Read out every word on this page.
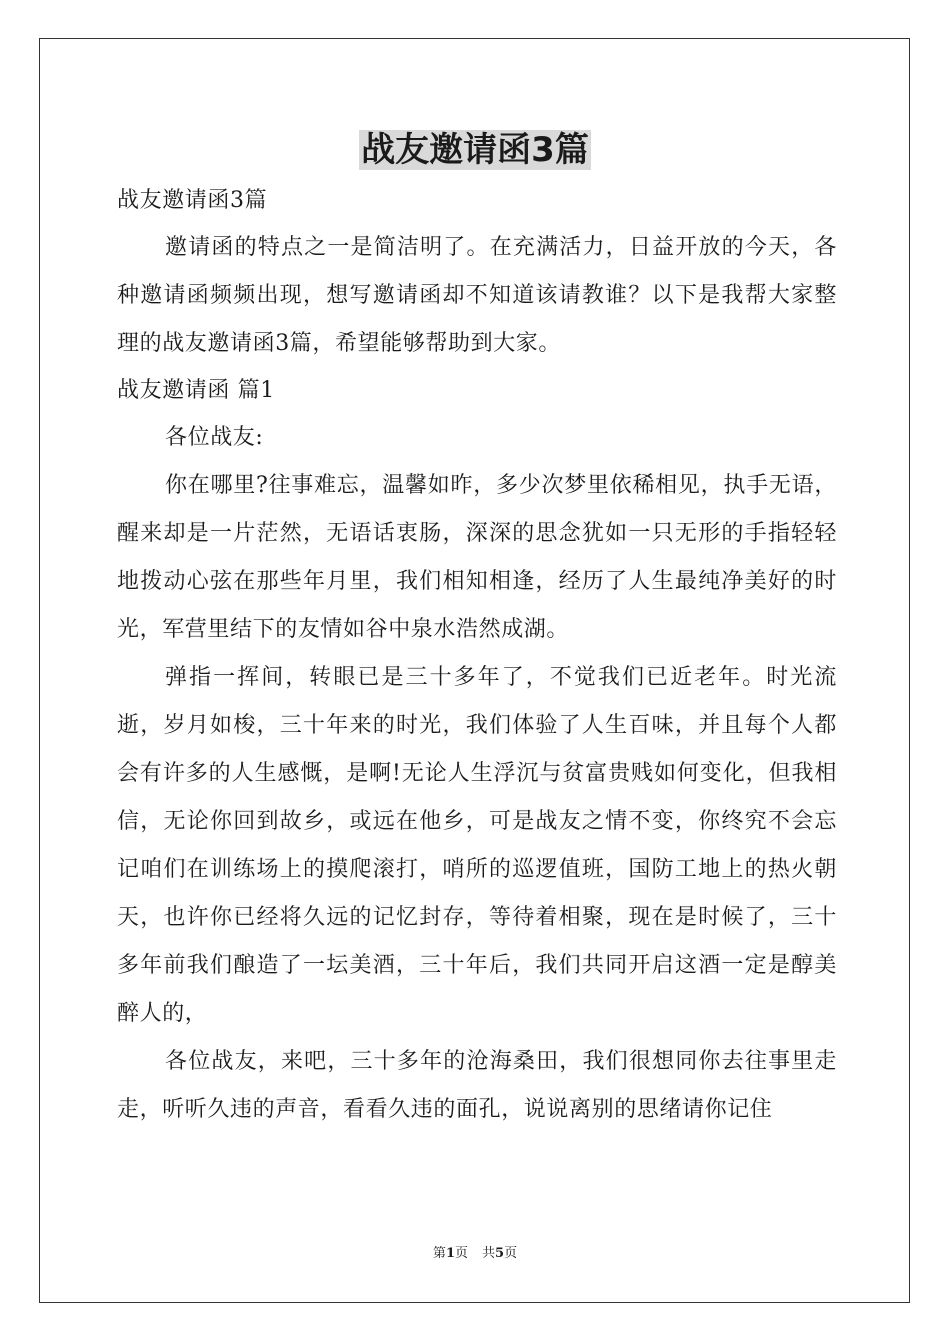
战友邀请函3篇

战友邀请函3篇

邀请函的特点之一是简洁明了。在充满活力，日益开放的今天，各种邀请函频频出现，想写邀请函却不知道该请教谁？以下是我帮大家整理的战友邀请函3篇，希望能够帮助到大家。

战友邀请函 篇1

各位战友:

你在哪里?往事难忘，温馨如昨，多少次梦里依稀相见，执手无语，醒来却是一片茫然，无语话衷肠，深深的思念犹如一只无形的手指轻轻地拨动心弦在那些年月里，我们相知相逢，经历了人生最纯净美好的时光，军营里结下的友情如谷中泉水浩然成湖。

弹指一挥间，转眼已是三十多年了，不觉我们已近老年。时光流逝，岁月如梭，三十年来的时光，我们体验了人生百味，并且每个人都会有许多的人生感慨，是啊!无论人生浮沉与贫富贵贱如何变化，但我相信，无论你回到故乡，或远在他乡，可是战友之情不变，你终究不会忘记咱们在训练场上的摸爬滚打，哨所的巡逻值班，国防工地上的热火朝天，也许你已经将久远的记忆封存，等待着相聚，现在是时候了，三十多年前我们酿造了一坛美酒，三十年后，我们共同开启这酒一定是醇美醉人的，

各位战友，来吧，三十多年的沧海桑田，我们很想同你去往事里走走，听听久违的声音，看看久违的面孔，说说离别的思绪请你记住

第1页 共5页
